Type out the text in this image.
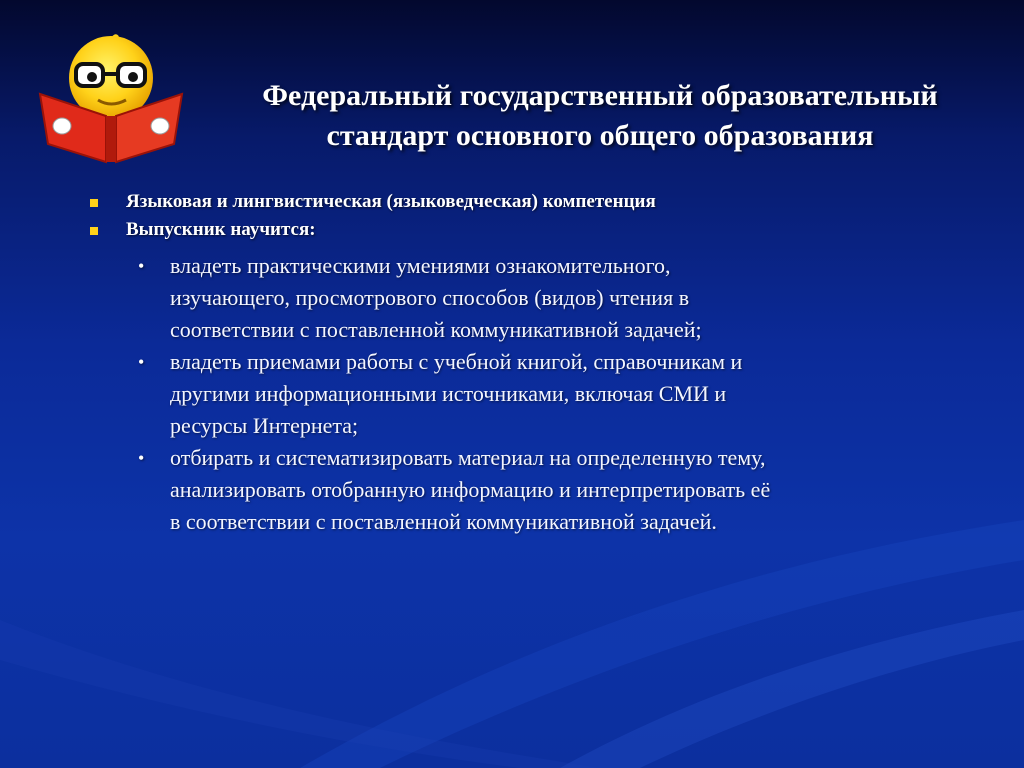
Федеральный государственный образовательный
стандарт основного общего образования
Языковая и лингвистическая (языковедческая) компетенция
Выпускник научится:
• владеть практическими умениями ознакомительного,
изучающего, просмотрового способов (видов) чтения в
соответствии с поставленной коммуникативной задачей;
• владеть приемами работы с учебной книгой, справочникам и
другими информационными источниками, включая СМИ и
ресурсы Интернета;
• отбирать и систематизировать материал на определенную тему,
анализировать отобранную информацию и интерпретировать её
в соответствии с поставленной коммуникативной задачей.
